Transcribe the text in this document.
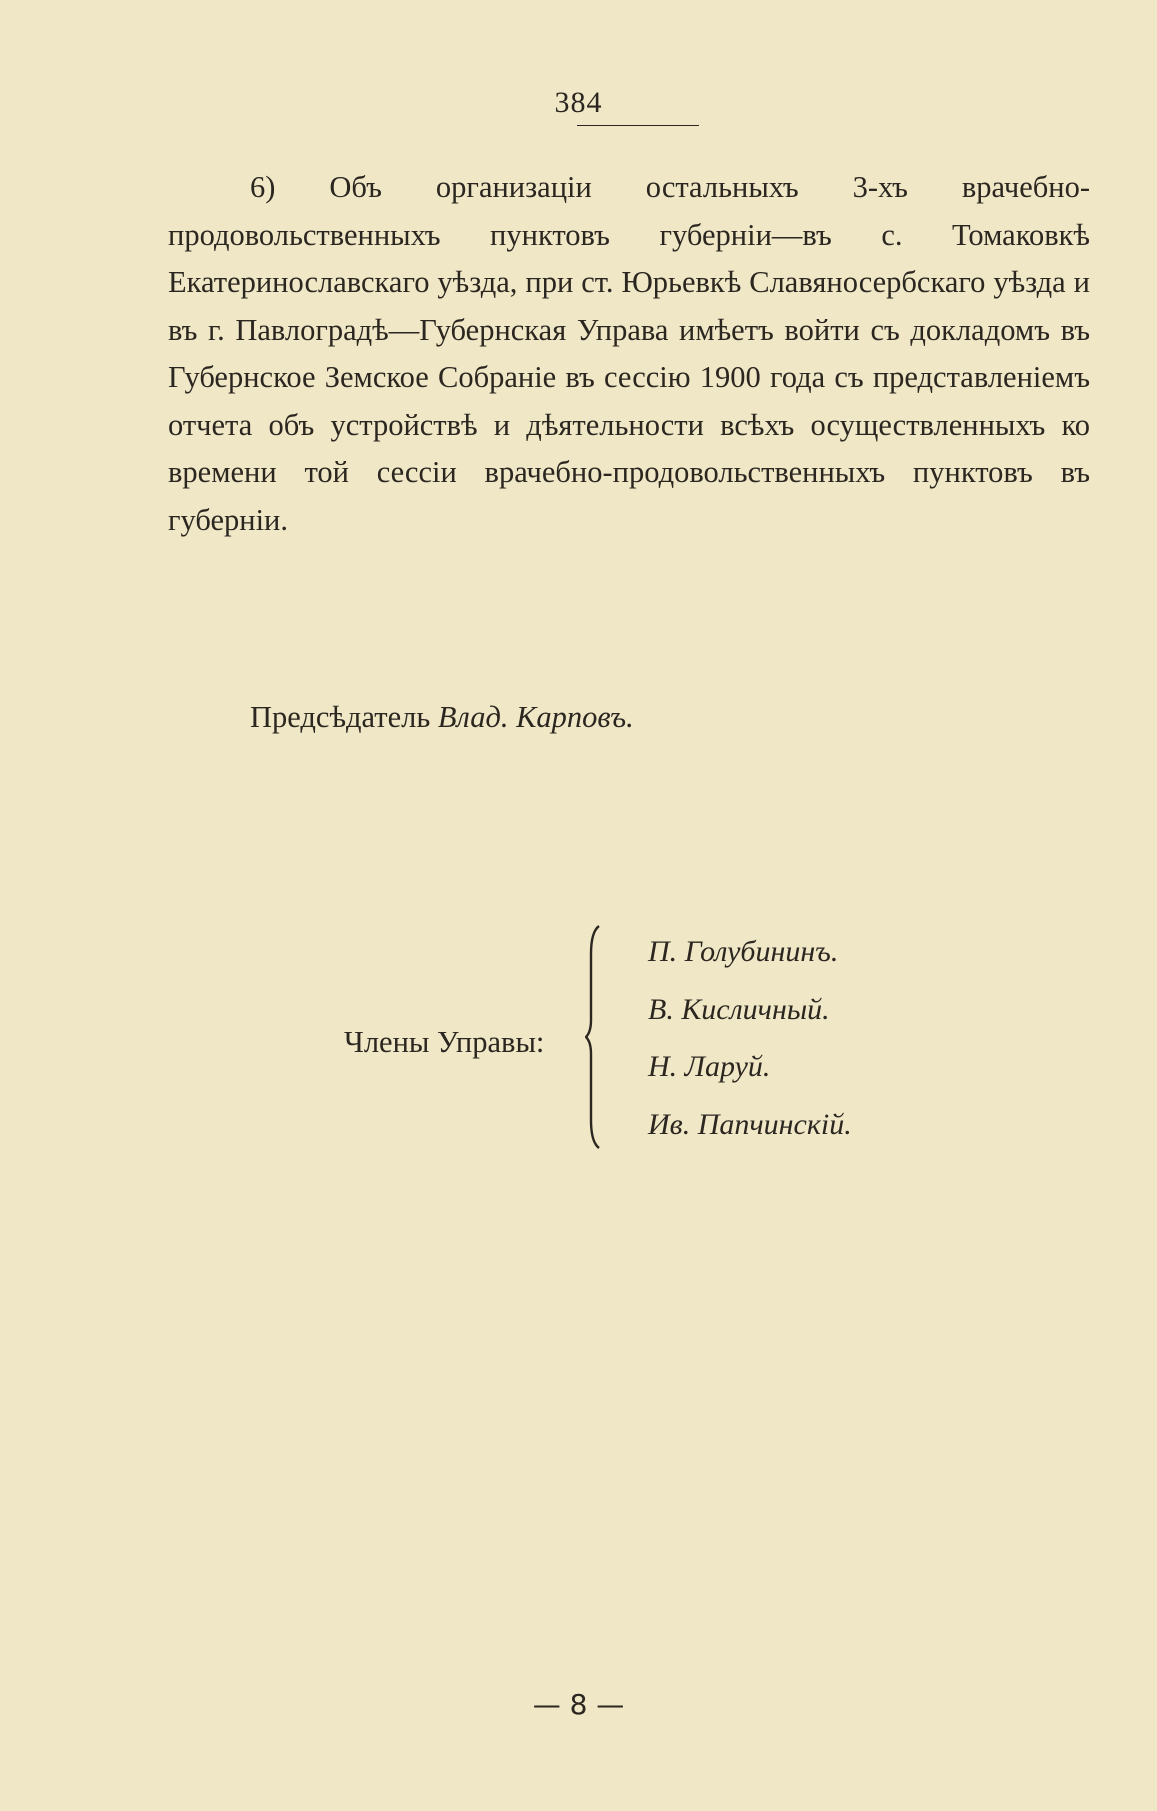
384

6) Объ организаціи остальныхъ 3-хъ врачебно-продовольственныхъ пунктовъ губерніи—въ с. Томаковкѣ Екатеринославскаго уѣзда, при ст. Юрьевкѣ Славяносербскаго уѣзда и въ г. Павлоградѣ—Губернская Управа имѣетъ войти съ докладомъ въ Губернское Земское Собраніе въ сессію 1900 года съ представленіемъ отчета объ устройствѣ и дѣятельности всѣхъ осуществленныхъ ко времени той сессіи врачебно-продовольственныхъ пунктовъ въ губерніи.

Предсѣдатель Влад. Карповъ.
Члены Управы:
П. Голубининъ.
В. Кисличный.
Н. Ларуй.
Ив. Папчинскій.
— 8 —
